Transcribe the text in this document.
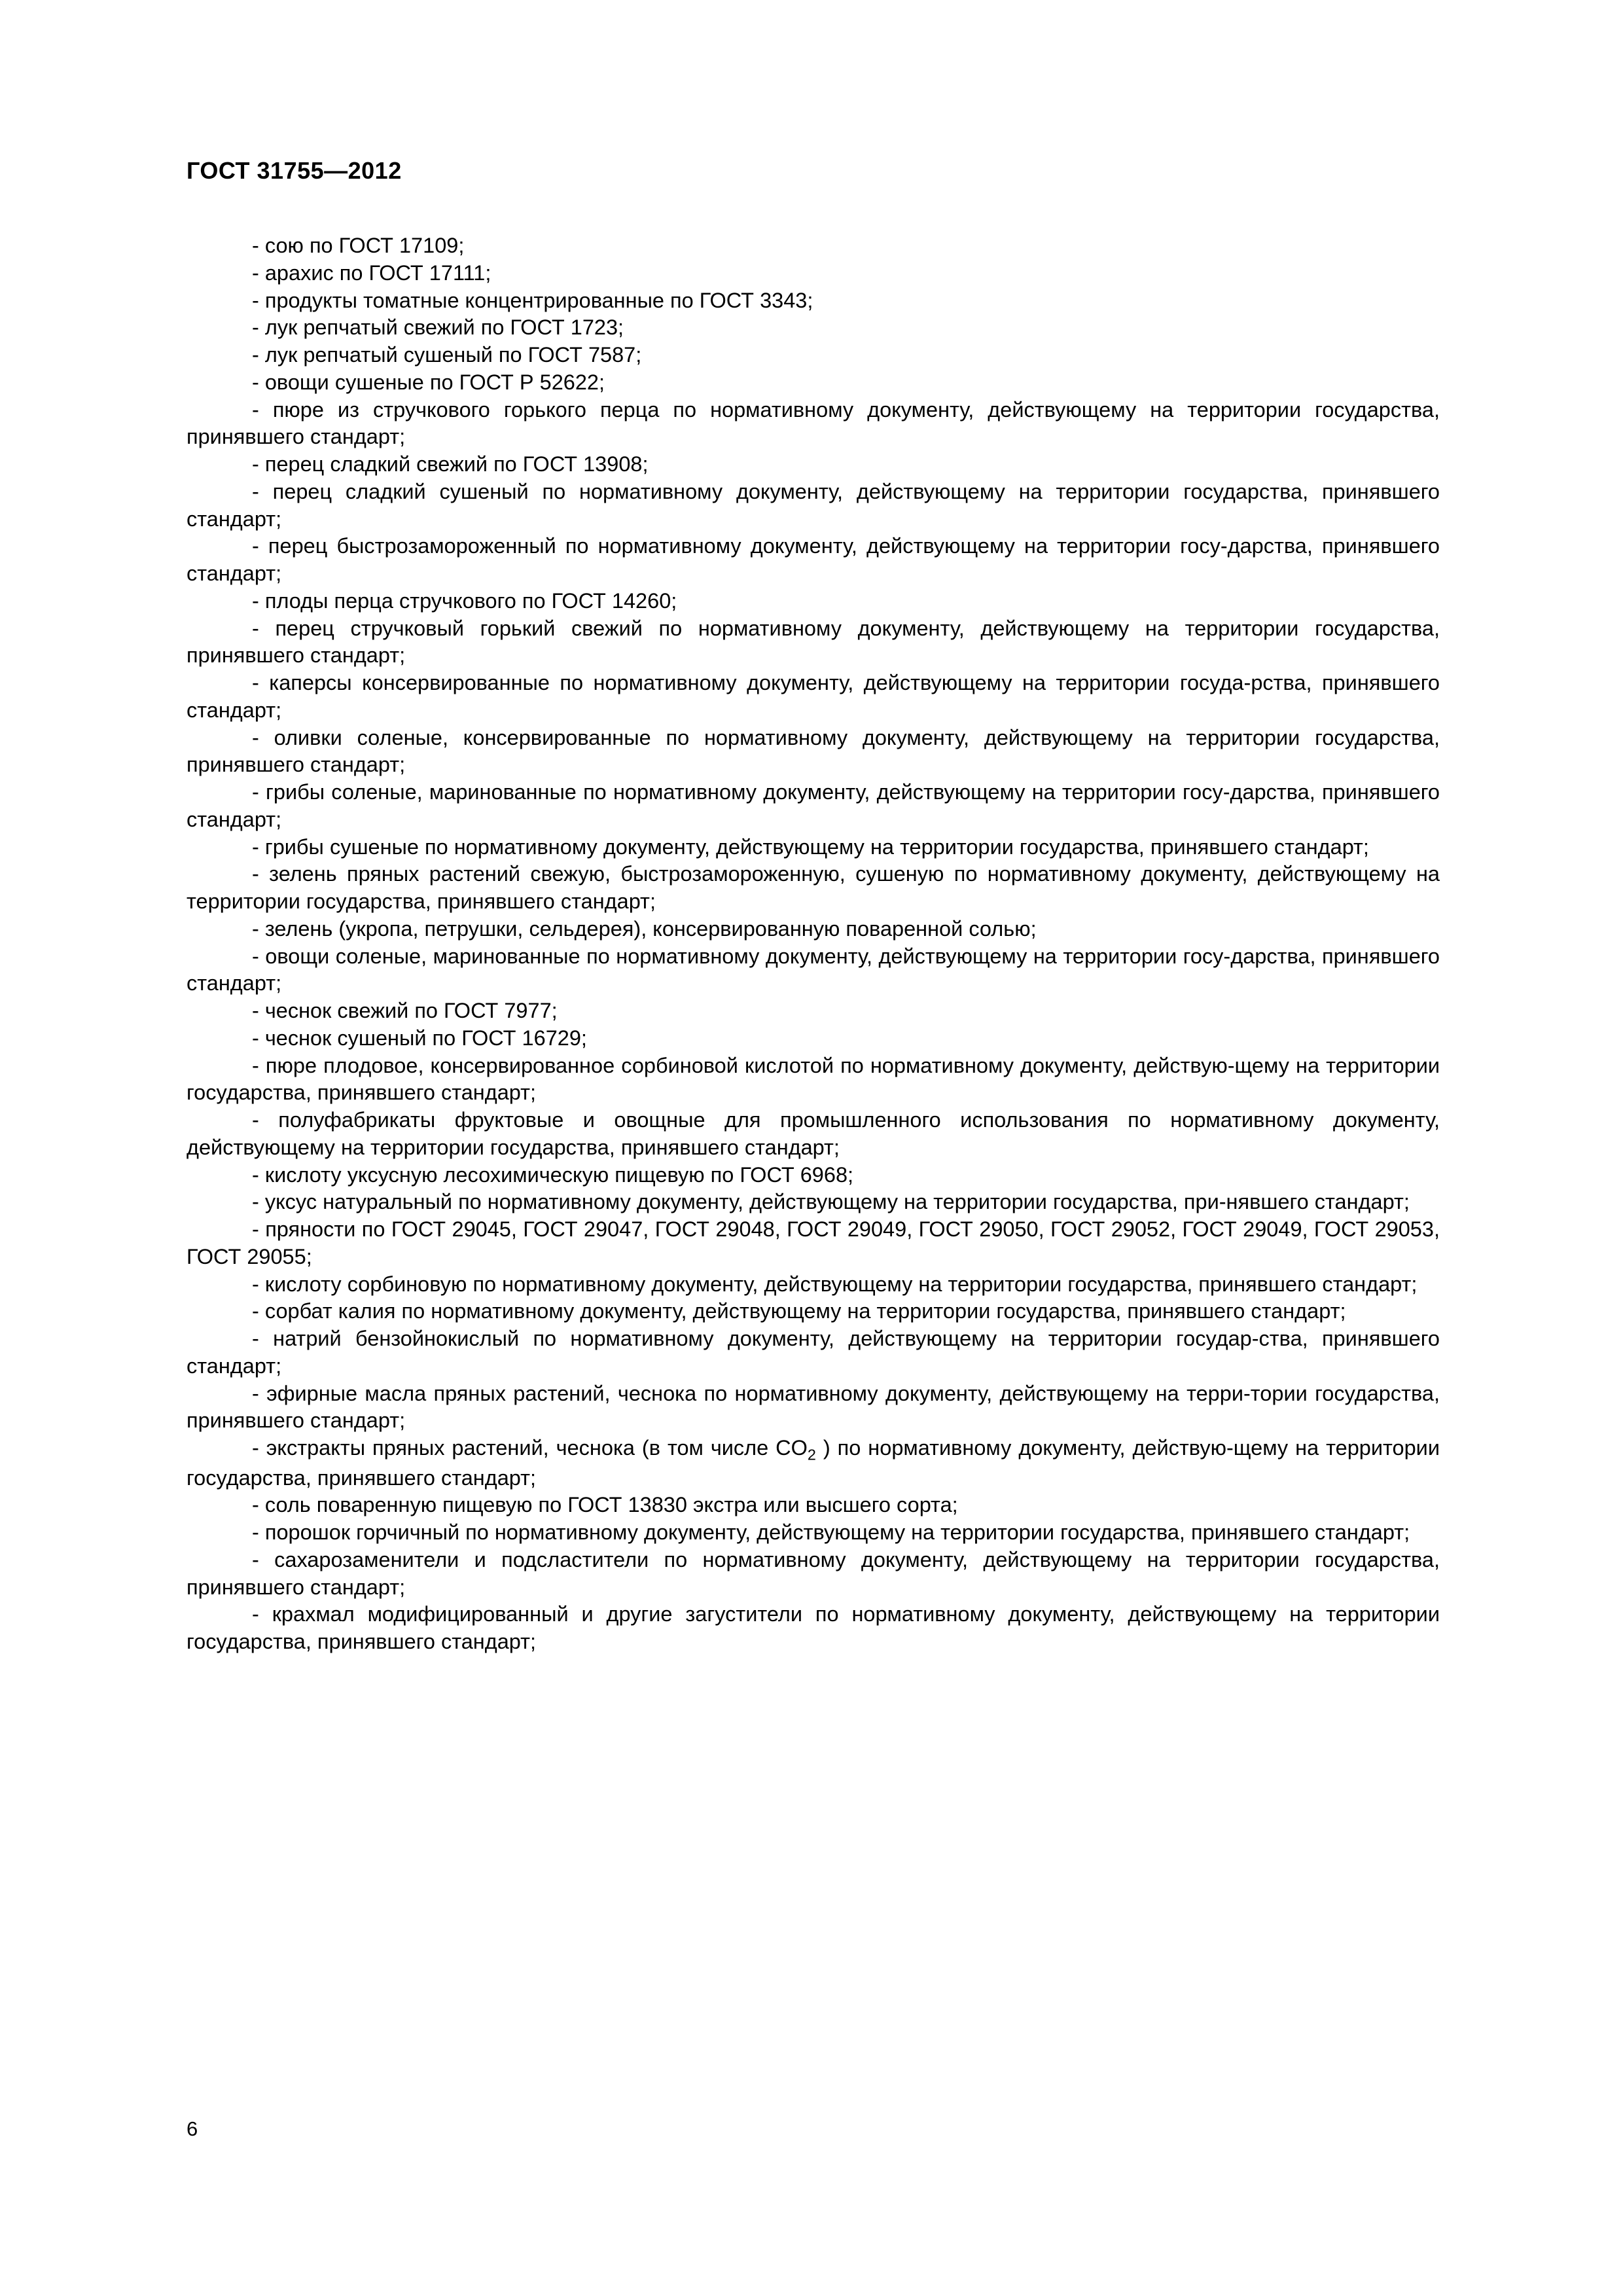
ГОСТ 31755—2012
- сою по ГОСТ 17109;
- арахис по ГОСТ 17111;
- продукты томатные концентрированные по ГОСТ 3343;
- лук репчатый свежий по ГОСТ 1723;
- лук репчатый сушеный по ГОСТ 7587;
- овощи сушеные по ГОСТ Р 52622;
- пюре из стручкового горького перца по нормативному документу, действующему на территории государства, принявшего стандарт;
- перец сладкий свежий по ГОСТ 13908;
- перец сладкий сушеный по нормативному документу, действующему на территории государства, принявшего стандарт;
- перец быстрозамороженный по нормативному документу, действующему на территории госу-дарства, принявшего стандарт;
- плоды перца стручкового по ГОСТ 14260;
- перец стручковый горький свежий по нормативному документу, действующему на территории государства, принявшего стандарт;
- каперсы консервированные по нормативному документу, действующему на территории госуда-рства, принявшего стандарт;
- оливки соленые, консервированные по нормативному документу, действующему на территории государства, принявшего стандарт;
- грибы соленые, маринованные по нормативному документу, действующему на территории госу-дарства, принявшего стандарт;
- грибы сушеные по нормативному документу, действующему на территории государства, принявшего стандарт;
- зелень пряных растений свежую, быстрозамороженную, сушеную по нормативному документу, действующему на территории государства, принявшего стандарт;
- зелень (укропа, петрушки, сельдерея), консервированную поваренной солью;
- овощи соленые, маринованные по нормативному документу, действующему на территории госу-дарства, принявшего стандарт;
- чеснок свежий по ГОСТ 7977;
- чеснок сушеный по ГОСТ 16729;
- пюре плодовое, консервированное сорбиновой кислотой по нормативному документу, действую-щему на территории государства, принявшего стандарт;
- полуфабрикаты фруктовые и овощные для промышленного использования по нормативному документу, действующему на территории государства, принявшего стандарт;
- кислоту уксусную лесохимическую пищевую по ГОСТ 6968;
- уксус натуральный по нормативному документу, действующему на территории государства, при-нявшего стандарт;
- пряности по ГОСТ 29045, ГОСТ 29047, ГОСТ 29048, ГОСТ 29049, ГОСТ 29050, ГОСТ 29052, ГОСТ 29049, ГОСТ 29053, ГОСТ 29055;
- кислоту сорбиновую по нормативному документу, действующему на территории государства, принявшего стандарт;
- сорбат калия по нормативному документу, действующему на территории государства, принявшего стандарт;
- натрий бензойнокислый по нормативному документу, действующему на территории государ-ства, принявшего стандарт;
- эфирные масла пряных растений, чеснока по нормативному документу, действующему на терри-тории государства, принявшего стандарт;
- экстракты пряных растений, чеснока (в том числе $CO_2$ ) по нормативному документу, действую-щему на территории государства, принявшего стандарт;
- соль поваренную пищевую по ГОСТ 13830 экстра или высшего сорта;
- порошок горчичный по нормативному документу, действующему на территории государства, принявшего стандарт;
- сахарозаменители и подсластители по нормативному документу, действующему на территории государства, принявшего стандарт;
- крахмал модифицированный и другие загустители по нормативному документу, действующему на территории государства, принявшего стандарт;
6
